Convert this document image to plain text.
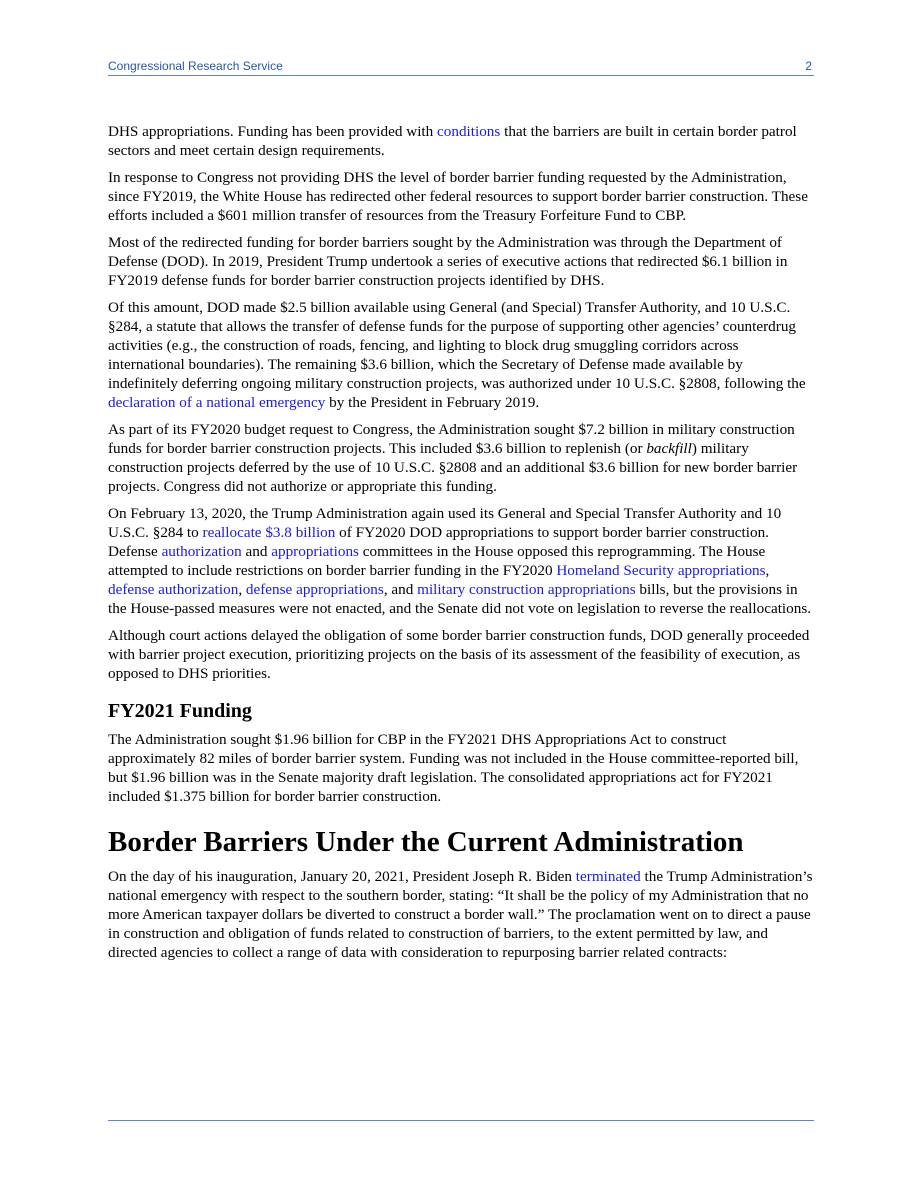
Congressional Research Service	2

DHS appropriations. Funding has been provided with conditions that the barriers are built in certain border patrol sectors and meet certain design requirements.

In response to Congress not providing DHS the level of border barrier funding requested by the Administration, since FY2019, the White House has redirected other federal resources to support border barrier construction. These efforts included a $601 million transfer of resources from the Treasury Forfeiture Fund to CBP.

Most of the redirected funding for border barriers sought by the Administration was through the Department of Defense (DOD). In 2019, President Trump undertook a series of executive actions that redirected $6.1 billion in FY2019 defense funds for border barrier construction projects identified by DHS.

Of this amount, DOD made $2.5 billion available using General (and Special) Transfer Authority, and 10 U.S.C. §284, a statute that allows the transfer of defense funds for the purpose of supporting other agencies’ counterdrug activities (e.g., the construction of roads, fencing, and lighting to block drug smuggling corridors across international boundaries). The remaining $3.6 billion, which the Secretary of Defense made available by indefinitely deferring ongoing military construction projects, was authorized under 10 U.S.C. §2808, following the declaration of a national emergency by the President in February 2019.

As part of its FY2020 budget request to Congress, the Administration sought $7.2 billion in military construction funds for border barrier construction projects. This included $3.6 billion to replenish (or backfill) military construction projects deferred by the use of 10 U.S.C. §2808 and an additional $3.6 billion for new border barrier projects. Congress did not authorize or appropriate this funding.

On February 13, 2020, the Trump Administration again used its General and Special Transfer Authority and 10 U.S.C. §284 to reallocate $3.8 billion of FY2020 DOD appropriations to support border barrier construction. Defense authorization and appropriations committees in the House opposed this reprogramming. The House attempted to include restrictions on border barrier funding in the FY2020 Homeland Security appropriations, defense authorization, defense appropriations, and military construction appropriations bills, but the provisions in the House-passed measures were not enacted, and the Senate did not vote on legislation to reverse the reallocations.

Although court actions delayed the obligation of some border barrier construction funds, DOD generally proceeded with barrier project execution, prioritizing projects on the basis of its assessment of the feasibility of execution, as opposed to DHS priorities.

FY2021 Funding

The Administration sought $1.96 billion for CBP in the FY2021 DHS Appropriations Act to construct approximately 82 miles of border barrier system. Funding was not included in the House committee-reported bill, but $1.96 billion was in the Senate majority draft legislation. The consolidated appropriations act for FY2021 included $1.375 billion for border barrier construction.

Border Barriers Under the Current Administration

On the day of his inauguration, January 20, 2021, President Joseph R. Biden terminated the Trump Administration’s national emergency with respect to the southern border, stating: “It shall be the policy of my Administration that no more American taxpayer dollars be diverted to construct a border wall.” The proclamation went on to direct a pause in construction and obligation of funds related to construction of barriers, to the extent permitted by law, and directed agencies to collect a range of data with consideration to repurposing barrier related contracts:
